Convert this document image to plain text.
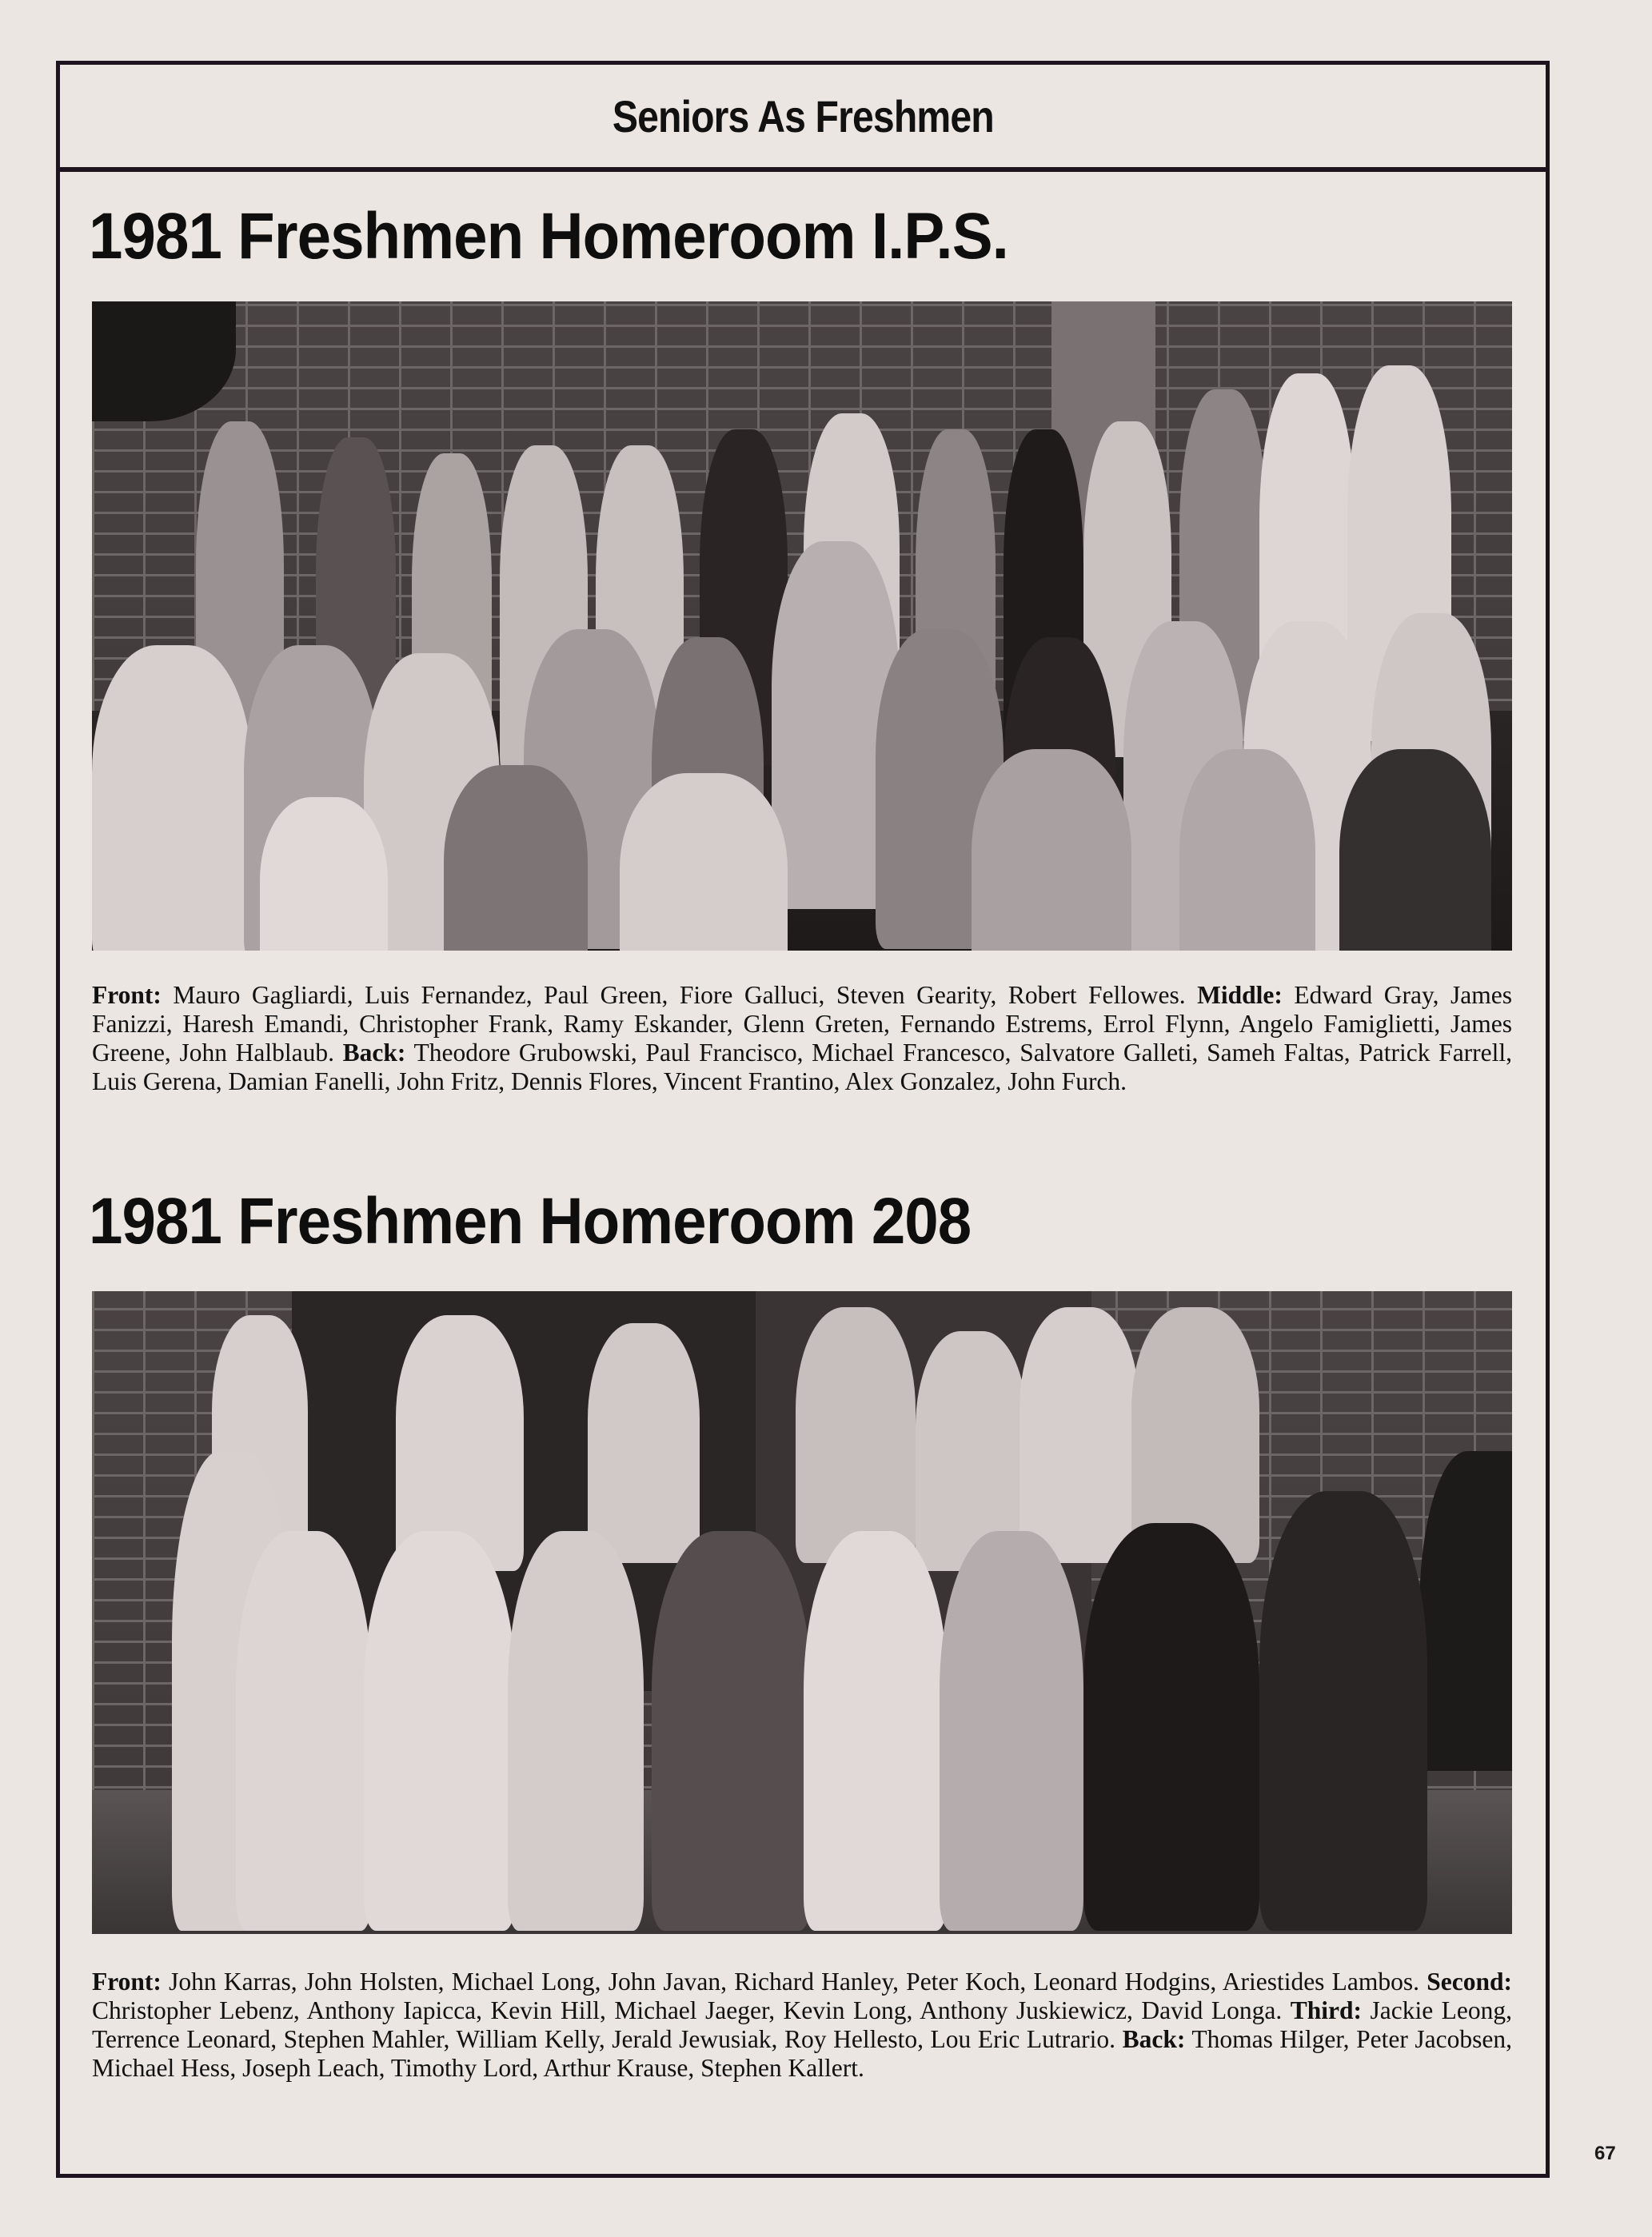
Seniors As Freshmen
1981 Freshmen Homeroom I.P.S.
Front: Mauro Gagliardi, Luis Fernandez, Paul Green, Fiore Galluci, Steven Gearity, Robert Fellowes. Middle: Edward Gray, James Fanizzi, Haresh Emandi, Christopher Frank, Ramy Eskander, Glenn Greten, Fernando Estrems, Errol Flynn, Angelo Famiglietti, James Greene, John Halblaub. Back: Theodore Grubowski, Paul Francisco, Michael Francesco, Salvatore Galleti, Sameh Faltas, Patrick Farrell, Luis Gerena, Damian Fanelli, John Fritz, Dennis Flores, Vincent Frantino, Alex Gonzalez, John Furch.
1981 Freshmen Homeroom 208
Front: John Karras, John Holsten, Michael Long, John Javan, Richard Hanley, Peter Koch, Leonard Hodgins, Ariestides Lambos. Second: Christopher Lebenz, Anthony Iapicca, Kevin Hill, Michael Jaeger, Kevin Long, Anthony Juskiewicz, David Longa. Third: Jackie Leong, Terrence Leonard, Stephen Mahler, William Kelly, Jerald Jewusiak, Roy Hellesto, Lou Eric Lutrario. Back: Thomas Hilger, Peter Jacobsen, Michael Hess, Joseph Leach, Timothy Lord, Arthur Krause, Stephen Kallert.
67
